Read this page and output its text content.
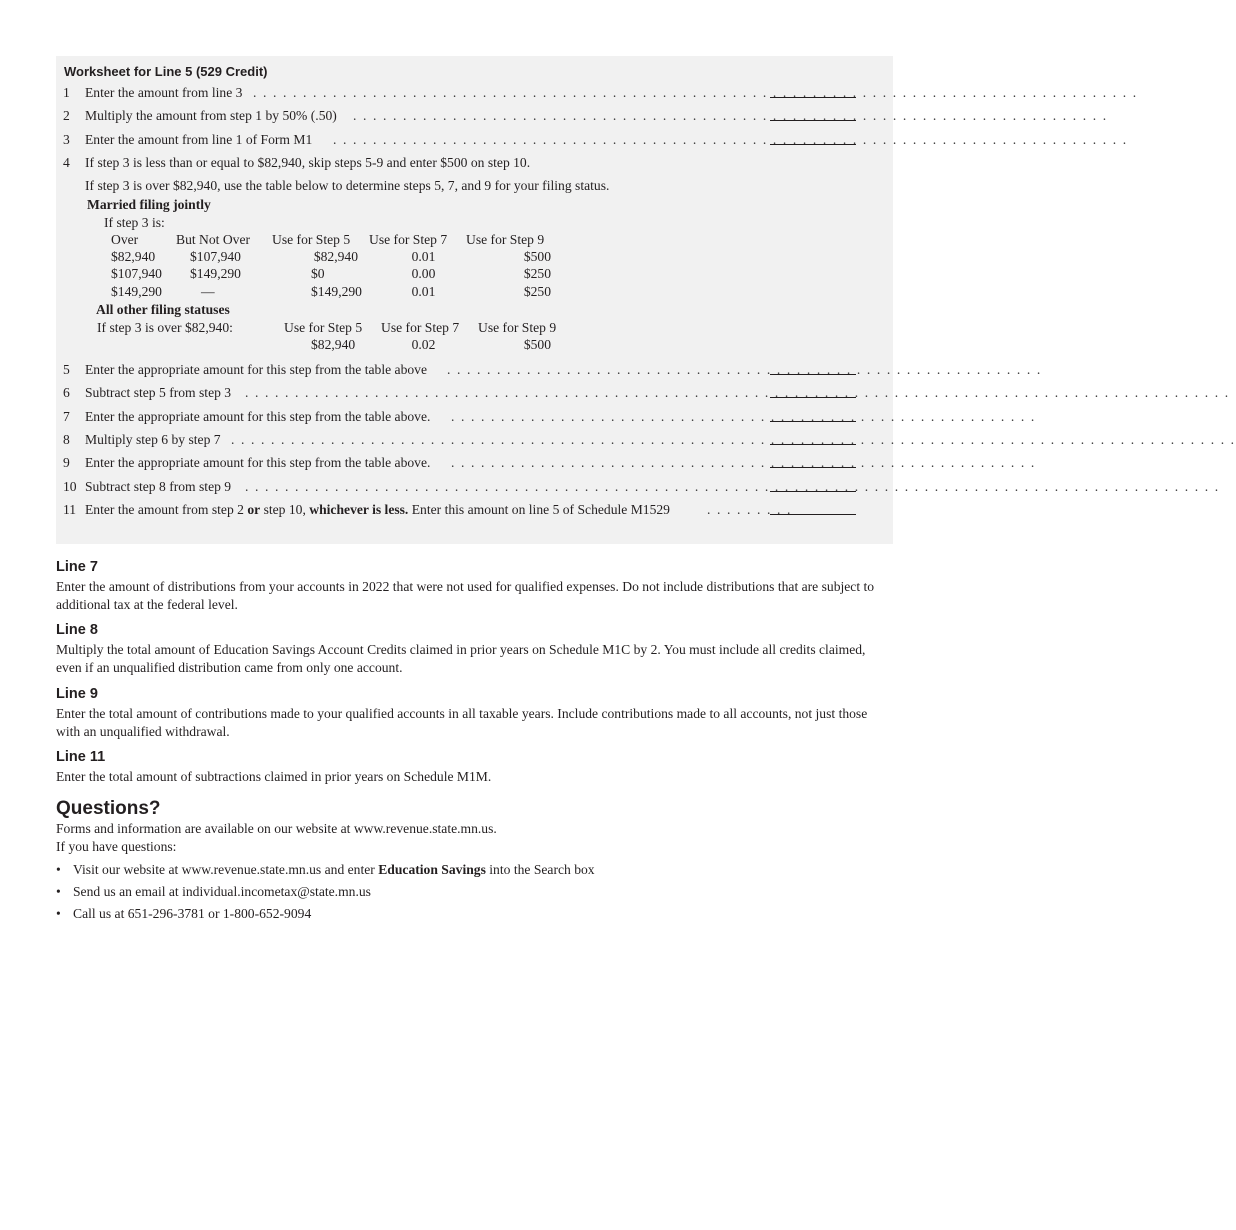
Worksheet for Line 5 (529 Credit)
1	Enter the amount from line 3 . . . . . . . . . . . . . . . . . . . . . . . . . . . . . . . . . . . . . . . . . . . . . . . . . . . . . . . . . . . . . . . . . . . . . . . . . . . . . . . . . . . . . . . . .
2	Multiply the amount from step 1 by 50% (.50) . . . . . . . . . . . . . . . . . . . . . . . . . . . . . . . . . . . . . . . . . . . . . . . . . . . . . . . . . . . . . . . . . . . . . . . . . . . .
3	Enter the amount from line 1 of Form M1 . . . . . . . . . . . . . . . . . . . . . . . . . . . . . . . . . . . . . . . . . . . . . . . . . . . . . . . . . . . . . . . . . . . . . . . . . . . . . . . .
4	If step 3 is less than or equal to $82,940, skip steps 5-9 and enter $500 on step 10.
If step 3 is over $82,940, use the table below to determine steps 5, 7, and 9 for your filing status.
Married filing jointly
If step 3 is:
Over	But Not Over Use for Step 5 Use for Step 7 Use for Step 9
$82,940	$107,940	$82,940	0.01	$500
$107,940 $149,290	$0	0.00	$250
$149,290	—	$149,290	0.01	$250
All other filing statuses
If step 3 is over $82,940:	Use for Step 5 Use for Step 7 Use for Step 9
$82,940	0.02	$500
5	Enter the appropriate amount for this step from the table above . . . . . . . . . . . . . . . . . . . . . . . . . . . . . . . . . . . . . . . . . . . . . . . . . . . . . . . . . . . .
6	Subtract step 5 from step 3 . . . . . . . . . . . . . . . . . . . . . . . . . . . . . . . . . . . . . . . . . . . . . . . . . . . . . . . . . . . . . . . . . . . . . . . . . . . . . . . . . . . . . . . . . . . . . . . . . . .
7	Enter the appropriate amount for this step from the table above. . . . . . . . . . . . . . . . . . . . . . . . . . . . . . . . . . . . . . . . . . . . . . . . . . . . . . . . . . . .
8	Multiply step 6 by step 7 . . . . . . . . . . . . . . . . . . . . . . . . . . . . . . . . . . . . . . . . . . . . . . . . . . . . . . . . . . . . . . . . . . . . . . . . . . . . . . . . . . . . . . . . . . . . . . . . . . . . .
9	Enter the appropriate amount for this step from the table above. . . . . . . . . . . . . . . . . . . . . . . . . . . . . . . . . . . . . . . . . . . . . . . . . . . . . . . . . . . .
10 Subtract step 8 from step 9 . . . . . . . . . . . . . . . . . . . . . . . . . . . . . . . . . . . . . . . . . . . . . . . . . . . . . . . . . . . . . . . . . . . . . . . . . . . . . . . . . . . . . . . . . . . . . . . . . .
11 Enter the amount from step 2 or step 10, whichever is less. Enter this amount on line 5 of Schedule M1529	. . . . . . . . .
Line 7
Enter the amount of distributions from your accounts in 2022 that were not used for qualified expenses. Do not include distributions that are subject to additional tax at the federal level.
Line 8
Multiply the total amount of Education Savings Account Credits claimed in prior years on Schedule M1C by 2. You must include all credits claimed, even if an unqualified distribution came from only one account.
Line 9
Enter the total amount of contributions made to your qualified accounts in all taxable years. Include contributions made to all accounts, not just those with an unqualified withdrawal.
Line 11
Enter the total amount of subtractions claimed in prior years on Schedule M1M.
Questions?
Forms and information are available on our website at www.revenue.state.mn.us.
If you have questions:
• Visit our website at www.revenue.state.mn.us and enter Education Savings into the Search box
• Send us an email at individual.incometax@state.mn.us
• Call us at 651-296-3781 or 1-800-652-9094
